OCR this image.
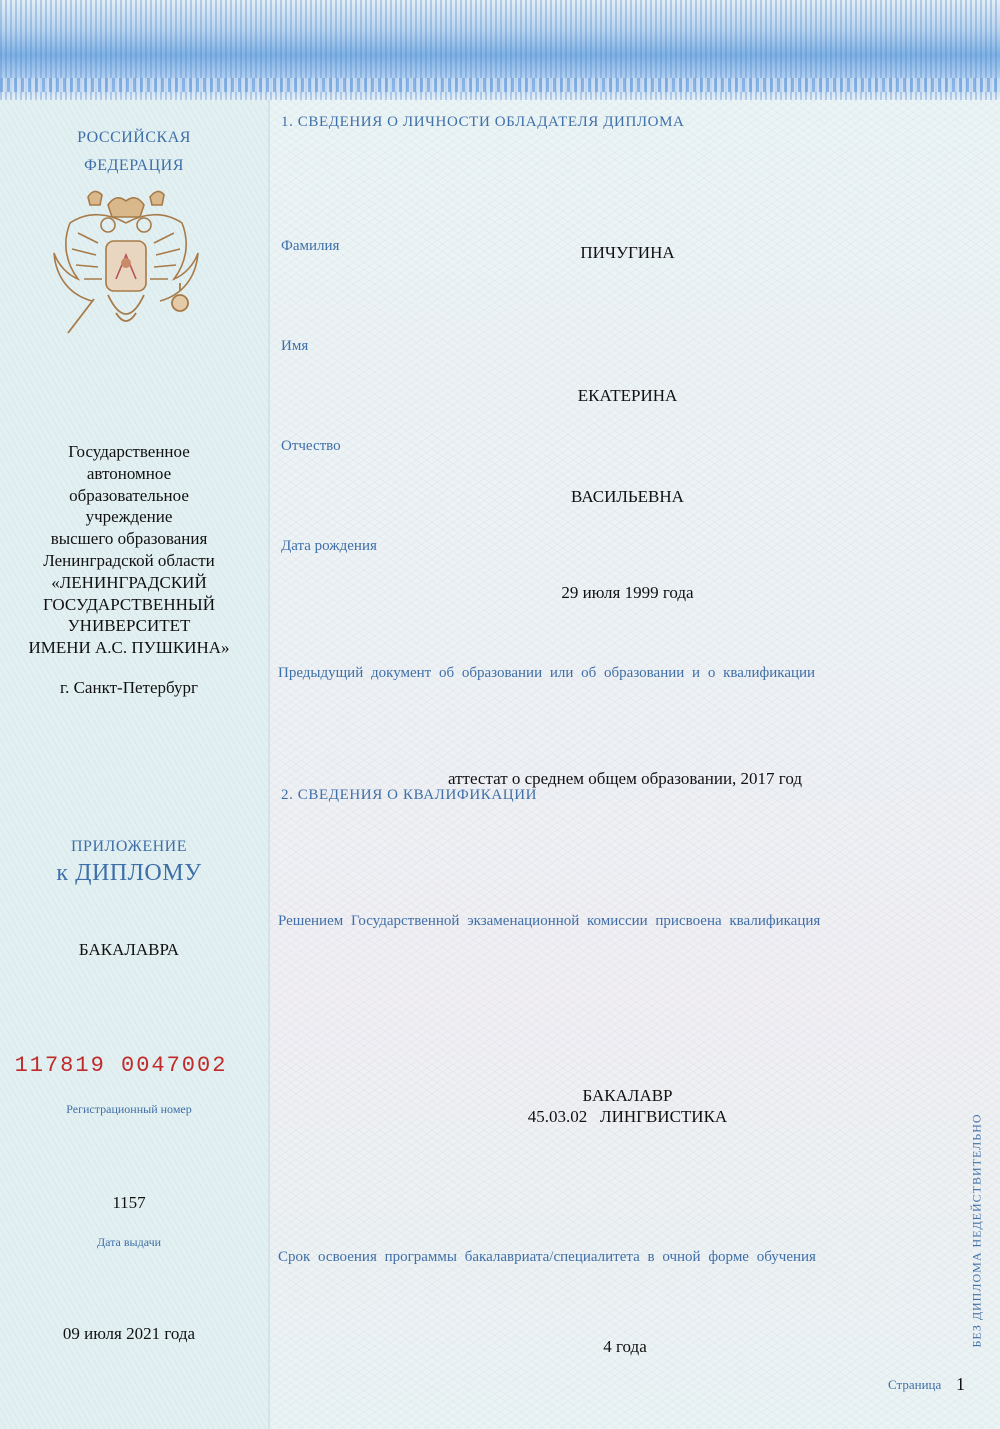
РОССИЙСКАЯ
ФЕДЕРАЦИЯ
Государственное
автономное
образовательное
учреждение
высшего образования
Ленинградской области
«ЛЕНИНГРАДСКИЙ
ГОСУДАРСТВЕННЫЙ
УНИВЕРСИТЕТ
ИМЕНИ А.С. ПУШКИНА»
г. Санкт-Петербург
ПРИЛОЖЕНИЕ
к ДИПЛОМУ
БАКАЛАВРА
117819 0047002
Регистрационный номер
1157
Дата выдачи
09 июля 2021 года
1. СВЕДЕНИЯ О ЛИЧНОСТИ ОБЛАДАТЕЛЯ ДИПЛОМА
Фамилия	ПИЧУГИНА
Имя
ЕКАТЕРИНА
Отчество
ВАСИЛЬЕВНА
Дата рождения
29 июля 1999 года
Предыдущий документ об образовании или об образовании и о квалификации
аттестат о среднем общем образовании, 2017 год
2. СВЕДЕНИЯ О КВАЛИФИКАЦИИ
Решением Государственной экзаменационной комиссии присвоена квалификация
БАКАЛАВР
45.03.02   ЛИНГВИСТИКА
Срок освоения программы бакалавриата/специалитета в очной форме обучения
4 года	БЕЗ ДИПЛОМА НЕДЕЙСТВИТЕЛЬНО
Страница 1
